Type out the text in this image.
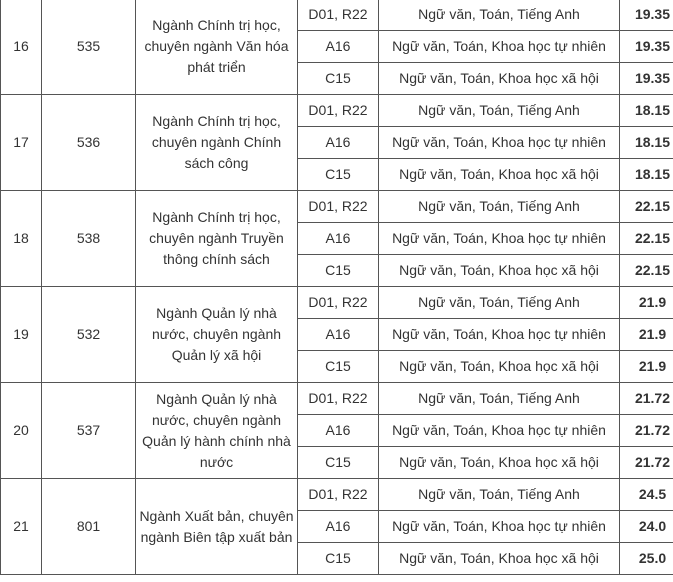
16	535	Ngành Chính trị học, chuyên ngành Văn hóa phát triển	D01, R22	Ngữ văn, Toán, Tiếng Anh	19.35
			A16	Ngữ văn, Toán, Khoa học tự nhiên	19.35
			C15	Ngữ văn, Toán, Khoa học xã hội	19.35
17	536	Ngành Chính trị học, chuyên ngành Chính sách công	D01, R22	Ngữ văn, Toán, Tiếng Anh	18.15
			A16	Ngữ văn, Toán, Khoa học tự nhiên	18.15
			C15	Ngữ văn, Toán, Khoa học xã hội	18.15
18	538	Ngành Chính trị học, chuyên ngành Truyền thông chính sách	D01, R22	Ngữ văn, Toán, Tiếng Anh	22.15
			A16	Ngữ văn, Toán, Khoa học tự nhiên	22.15
			C15	Ngữ văn, Toán, Khoa học xã hội	22.15
19	532	Ngành Quản lý nhà nước, chuyên ngành Quản lý xã hội	D01, R22	Ngữ văn, Toán, Tiếng Anh	21.9
			A16	Ngữ văn, Toán, Khoa học tự nhiên	21.9
			C15	Ngữ văn, Toán, Khoa học xã hội	21.9
20	537	Ngành Quản lý nhà nước, chuyên ngành Quản lý hành chính nhà nước	D01, R22	Ngữ văn, Toán, Tiếng Anh	21.72
			A16	Ngữ văn, Toán, Khoa học tự nhiên	21.72
			C15	Ngữ văn, Toán, Khoa học xã hội	21.72
21	801	Ngành Xuất bản, chuyên ngành Biên tập xuất bản	D01, R22	Ngữ văn, Toán, Tiếng Anh	24.5
			A16	Ngữ văn, Toán, Khoa học tự nhiên	24.0
			C15	Ngữ văn, Toán, Khoa học xã hội	25.0
